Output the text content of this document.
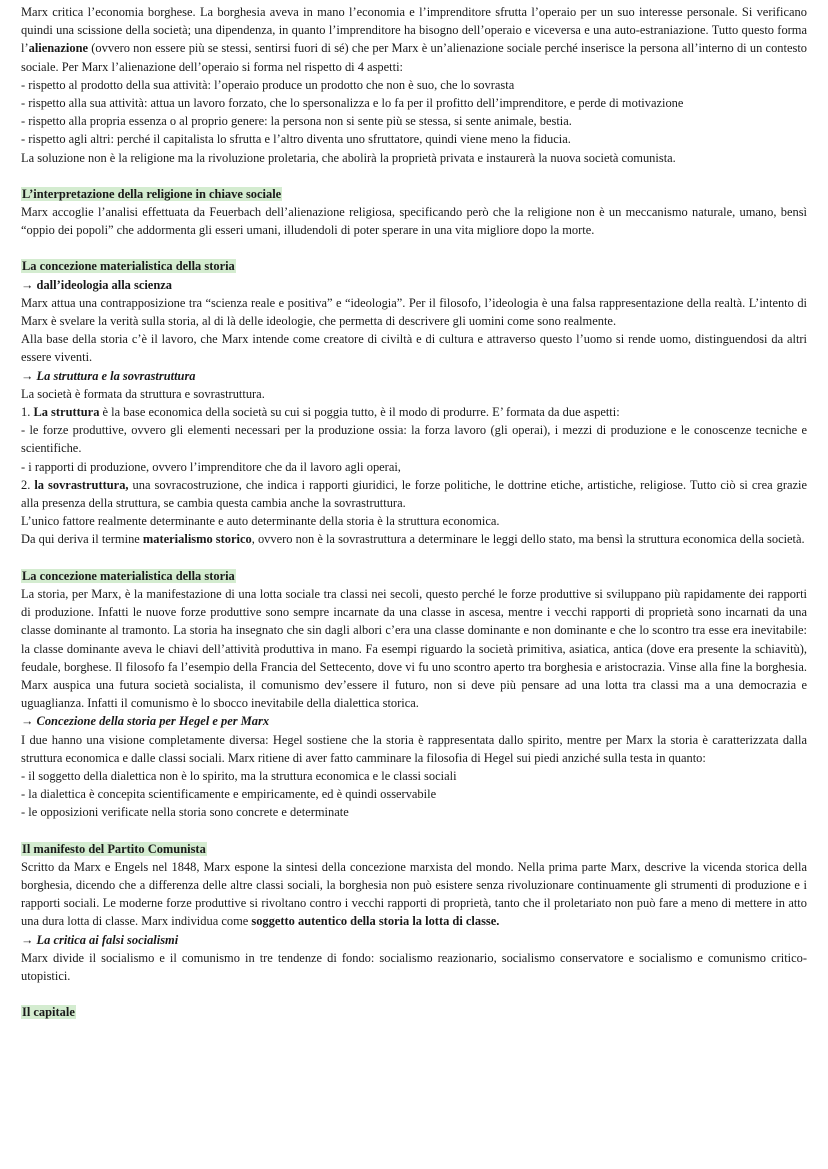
Marx critica l’economia borghese. La borghesia aveva in mano l’economia e l’imprenditore sfrutta l’operaio per un suo interesse personale. Si verificano quindi una scissione della società; una dipendenza, in quanto l’imprenditore ha bisogno dell’operaio e viceversa e una auto-estraniazione. Tutto questo forma l’alienazione (ovvero non essere più se stessi, sentirsi fuori di sé) che per Marx è un’alienazione sociale perché inserisce la persona all’interno di un contesto sociale. Per Marx l’alienazione dell’operaio si forma nel rispetto di 4 aspetti:

- rispetto al prodotto della sua attività: l’operaio produce un prodotto che non è suo, che lo sovrasta

- rispetto alla sua attività: attua un lavoro forzato, che lo spersonalizza e lo fa per il profitto dell’imprenditore, e perde di motivazione

- rispetto alla propria essenza o al proprio genere: la persona non si sente più se stessa, si sente animale, bestia.

- rispetto agli altri: perché il capitalista lo sfrutta e l’altro diventa uno sfruttatore, quindi viene meno la fiducia.

La soluzione non è la religione ma la rivoluzione proletaria, che abolirà la proprietà privata e instaurerà la nuova società comunista.

L’interpretazione della religione in chiave sociale

Marx accoglie l’analisi effettuata da Feuerbach dell’alienazione religiosa, specificando però che la religione non è un meccanismo naturale, umano, bensì “oppio dei popoli” che addormenta gli esseri umani, illudendoli di poter sperare in una vita migliore dopo la morte.

La concezione materialistica della storia

→ dall’ideologia alla scienza

Marx attua una contrapposizione tra “scienza reale e positiva” e “ideologia”. Per il filosofo, l’ideologia è una falsa rappresentazione della realtà. L’intento di Marx è svelare la verità sulla storia, al di là delle ideologie, che permetta di descrivere gli uomini come sono realmente.

Alla base della storia c’è il lavoro, che Marx intende come creatore di civiltà e di cultura e attraverso questo l’uomo si rende uomo, distinguendosi da altri essere viventi.

→ La struttura e la sovrastruttura

La società è formata da struttura e sovrastruttura.

1. La struttura è la base economica della società su cui si poggia tutto, è il modo di produrre. E’ formata da due aspetti:

- le forze produttive, ovvero gli elementi necessari per la produzione ossia: la forza lavoro (gli operai), i mezzi di produzione e le conoscenze tecniche e scientifiche.

- i rapporti di produzione, ovvero l’imprenditore che da il lavoro agli operai,

2. la sovrastruttura, una sovracostruzione, che indica i rapporti giuridici, le forze politiche, le dottrine etiche, artistiche, religiose. Tutto ciò si crea grazie alla presenza della struttura, se cambia questa cambia anche la sovrastruttura.

L’unico fattore realmente determinante e auto determinante della storia è la struttura economica.

Da qui deriva il termine materialismo storico, ovvero non è la sovrastruttura a determinare le leggi dello stato, ma bensì la struttura economica della società.

La concezione materialistica della storia

La storia, per Marx, è la manifestazione di una lotta sociale tra classi nei secoli, questo perché le forze produttive si sviluppano più rapidamente dei rapporti di produzione. Infatti le nuove forze produttive sono sempre incarnate da una classe in ascesa, mentre i vecchi rapporti di proprietà sono incarnati da una classe dominante al tramonto. La storia ha insegnato che sin dagli albori c’era una classe dominante e non dominante e che lo scontro tra esse era inevitabile: la classe dominante aveva le chiavi dell’attività produttiva in mano. Fa esempi riguardo la società primitiva, asiatica, antica (dove era presente la schiavitù), feudale, borghese. Il filosofo fa l’esempio della Francia del Settecento, dove vi fu uno scontro aperto tra borghesia e aristocrazia. Vinse alla fine la borghesia. Marx auspica una futura società socialista, il comunismo dev’essere il futuro, non si deve più pensare ad una lotta tra classi ma a una democrazia e uguaglianza. Infatti il comunismo è lo sbocco inevitabile della dialettica storica.

→ Concezione della storia per Hegel e per Marx

I due hanno una visione completamente diversa: Hegel sostiene che la storia è rappresentata dallo spirito, mentre per Marx la storia è caratterizzata dalla struttura economica e dalle classi sociali. Marx ritiene di aver fatto camminare la filosofia di Hegel sui piedi anziché sulla testa in quanto:

- il soggetto della dialettica non è lo spirito, ma la struttura economica e le classi sociali

- la dialettica è concepita scientificamente e empiricamente, ed è quindi osservabile

- le opposizioni verificate nella storia sono concrete e determinate

Il manifesto del Partito Comunista

Scritto da Marx e Engels nel 1848, Marx espone la sintesi della concezione marxista del mondo. Nella prima parte Marx, descrive la vicenda storica della borghesia, dicendo che a differenza delle altre classi sociali, la borghesia non può esistere senza rivoluzionare continuamente gli strumenti di produzione e i rapporti sociali. Le moderne forze produttive si rivoltano contro i vecchi rapporti di proprietà, tanto che il proletariato non può fare a meno di mettere in atto una dura lotta di classe. Marx individua come soggetto autentico della storia la lotta di classe.

→ La critica ai falsi socialismi

Marx divide il socialismo e il comunismo in tre tendenze di fondo: socialismo reazionario, socialismo conservatore e socialismo e comunismo critico-utopistici.

Il capitale
